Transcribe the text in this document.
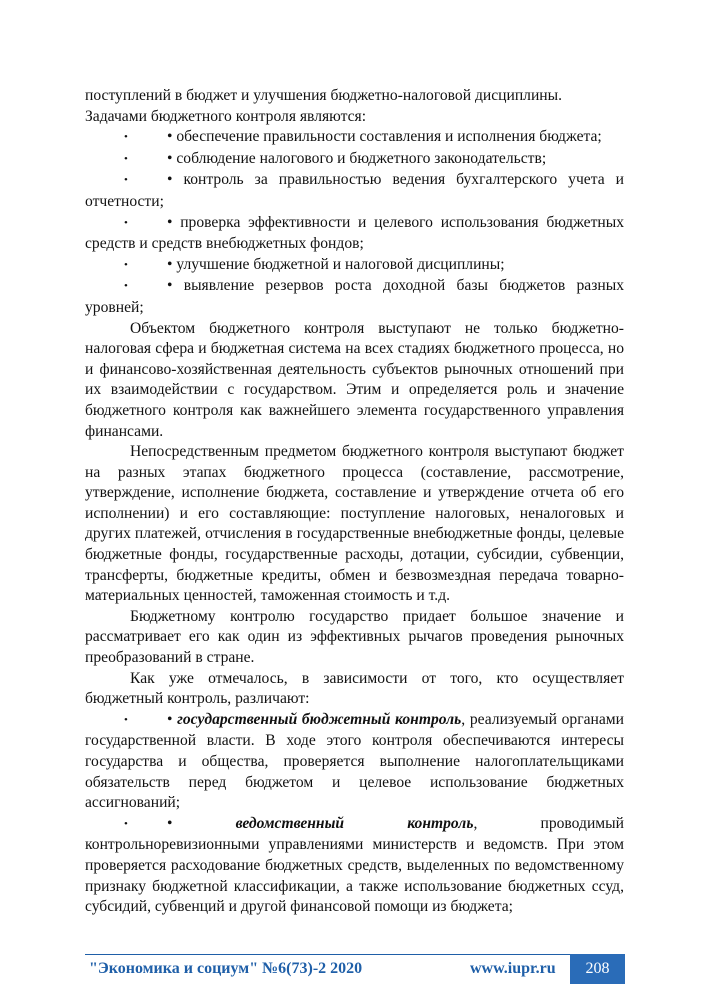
поступлений в бюджет и улучшения бюджетно-налоговой дисциплины.

Задачами бюджетного контроля являются:

•• обеспечение правильности составления и исполнения бюджета;

•• соблюдение налогового и бюджетного законодательств;

•• контроль за правильностью ведения бухгалтерского учета и отчетности;

•• проверка эффективности и целевого использования бюджетных средств и средств внебюджетных фондов;

•• улучшение бюджетной и налоговой дисциплины;

•• выявление резервов роста доходной базы бюджетов разных уровней;

Объектом бюджетного контроля выступают не только бюджетно-налоговая сфера и бюджетная система на всех стадиях бюджетного процесса, но и финансово-хозяйственная деятельность субъектов рыночных отношений при их взаимодействии с государством. Этим и определяется роль и значение бюджетного контроля как важнейшего элемента государственного управления финансами.

Непосредственным предметом бюджетного контроля выступают бюджет на разных этапах бюджетного процесса (составление, рассмотрение, утверждение, исполнение бюджета, составление и утверждение отчета об его исполнении) и его составляющие: поступление налоговых, неналоговых и других платежей, отчисления в государственные внебюджетные фонды, целевые бюджетные фонды, государственные расходы, дотации, субсидии, субвенции, трансферты, бюджетные кредиты, обмен и безвозмездная передача товарно-материальных ценностей, таможенная стоимость и т.д.

Бюджетному контролю государство придает большое значение и рассматривает его как один из эффективных рычагов проведения рыночных преобразований в стране.

Как уже отмечалось, в зависимости от того, кто осуществляет бюджетный контроль, различают:

•• государственный бюджетный контроль, реализуемый органами государственной власти. В ходе этого контроля обеспечиваются интересы государства и общества, проверяется выполнение налогоплательщиками обязательств перед бюджетом и целевое использование бюджетных ассигнований;

•• ведомственный контроль, проводимый контрольноревизионными управлениями министерств и ведомств. При этом проверяется расходование бюджетных средств, выделенных по ведомственному признаку бюджетной классификации, а также использование бюджетных ссуд, субсидий, субвенций и другой финансовой помощи из бюджета;

"Экономика и социум" №6(73)-2 2020	www.iupr.ru	208
